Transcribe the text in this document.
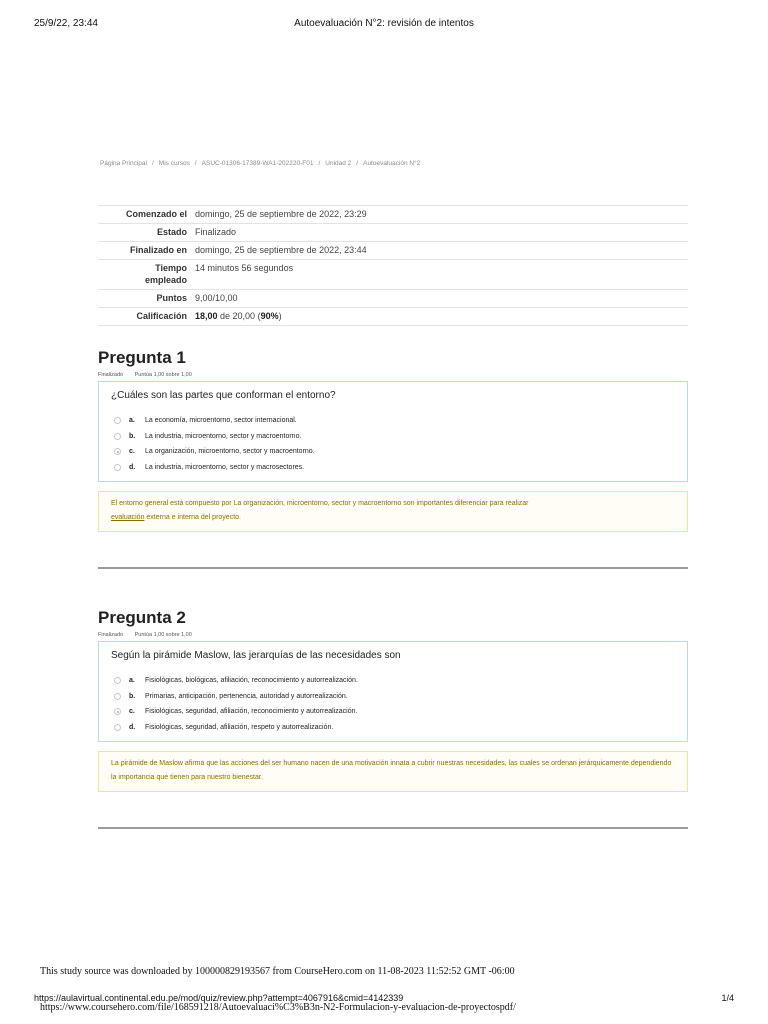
25/9/22, 23:44	Autoevaluación N°2: revisión de intentos
Página Principal / Mis cursos / ASUC-01306-17389-WA1-202220-F01 / Unidad 2 / Autoevaluación N°2
Comenzado el	domingo, 25 de septiembre de 2022, 23:29
Estado	Finalizado
Finalizado en	domingo, 25 de septiembre de 2022, 23:44
Tiempo
empleado	14 minutos 56 segundos
Puntos	9,00/10,00
Calificación	18,00 de 20,00 (90%)
Pregunta 1
Finalizado Puntúa 1,00 sobre 1,00
¿Cuáles son las partes que conforman el entorno?
a.	La economía, microentorno, sector internacional.
b.	La industria, microentorno, sector y macroentorno.
c.	La organización, microentorno, sector y macroentorno.
d.	La industria, microentorno, sector y macrosectores.
El entorno general está compuesto por La organización, microentorno, sector y macroentorno son importantes diferenciar para realizar
evaluación externa e interna del proyecto.
Pregunta 2
Finalizado Puntúa 1,00 sobre 1,00
Según la pirámide Maslow, las jerarquías de las necesidades son
a.	Fisiológicas, biológicas, afiliación, reconocimiento y autorrealización.
b.	Primarias, anticipación, pertenencia, autoridad y autorrealización.
c.	Fisiológicas, seguridad, afiliación, reconocimiento y autorrealización.
d.	Fisiológicas, seguridad, afiliación, respeto y autorrealización.
La pirámide de Maslow afirma que las acciones del ser humano nacen de una motivación innata a cubrir nuestras necesidades, las cuales se ordenan jerárquicamente dependiendo la importancia que tienen para nuestro bienestar.
This study source was downloaded by 100000829193567 from CourseHero.com on 11-08-2023 11:52:52 GMT -06:00
https://aulavirtual.continental.edu.pe/mod/quiz/review.php?attempt=4067916&cmid=4142339	1/4
https://www.coursehero.com/file/168591218/Autoevaluaci%C3%B3n-N2-Formulacion-y-evaluacion-de-proyectospdf/
